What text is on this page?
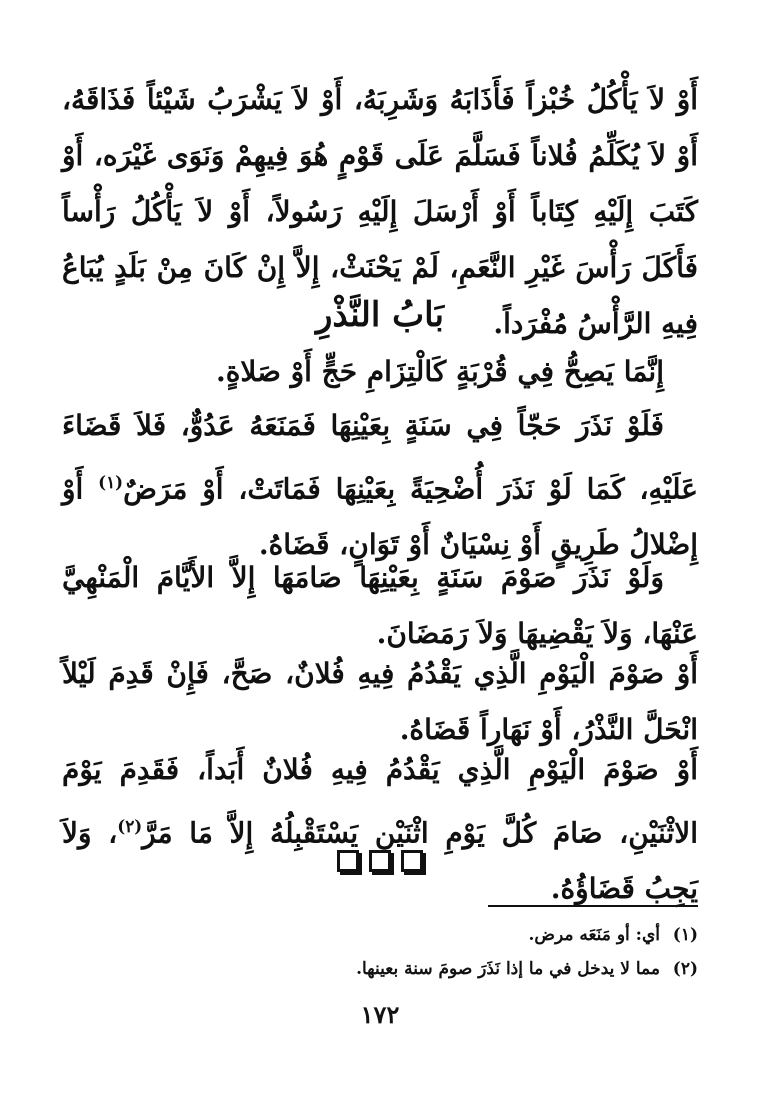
أَوْ لاَ يَأْكُلُ خُبْزاً فَأَذَابَهُ وَشَرِبَهُ، أَوْ لاَ يَشْرَبُ شَيْئاً فَذَاقَهُ، أَوْ لاَ يُكَلِّمُ فُلاناً فَسَلَّمَ عَلَى قَوْمٍ هُوَ فِيهِمْ وَنَوَى غَيْرَه، أَوْ كَتَبَ إِلَيْهِ كِتَاباً أَوْ أَرْسَلَ إِلَيْهِ رَسُولاً، أَوْ لاَ يَأْكُلُ رَأْساً فَأَكَلَ رَأْسَ غَيْرِ النَّعَمِ، لَمْ يَحْنَثْ، إِلاَّ إِنْ كَانَ مِنْ بَلَدٍ يُبَاعُ فِيهِ الرَّأْسُ مُفْرَداً.

بَابُ النَّذْرِ

إِنَّمَا يَصِحُّ فِي قُرْبَةٍ كَالْتِزَامِ حَجٍّ أَوْ صَلاةٍ.

فَلَوْ نَذَرَ حَجّاً فِي سَنَةٍ بِعَيْنِهَا فَمَنَعَهُ عَدُوٌّ، فَلاَ قَضَاءَ عَلَيْهِ، كَمَا لَوْ نَذَرَ أُضْحِيَةً بِعَيْنِهَا فَمَاتَتْ، أَوْ مَرَضٌ$^{(١)}$ أَوْ إِضْلالُ طَرِيقٍ أَوْ نِسْيَانٌ أَوْ تَوَانٍ، قَضَاهُ.

وَلَوْ نَذَرَ صَوْمَ سَنَةٍ بِعَيْنِهَا صَامَهَا إِلاَّ الأَيَّامَ الْمَنْهِيَّ عَنْهَا، وَلاَ يَقْضِيهَا وَلاَ رَمَضَانَ.

أَوْ صَوْمَ الْيَوْمِ الَّذِي يَقْدُمُ فِيهِ فُلانٌ، صَحَّ، فَإِنْ قَدِمَ لَيْلاً انْحَلَّ النَّذْرُ، أَوْ نَهَاراً قَضَاهُ.

أَوْ صَوْمَ الْيَوْمِ الَّذِي يَقْدُمُ فِيهِ فُلانٌ أَبَداً، فَقَدِمَ يَوْمَ الاثْنَيْنِ، صَامَ كُلَّ يَوْمِ اثْنَيْنِ يَسْتَقْبِلُهُ إِلاَّ مَا مَرَّ$^{(٢)}$، وَلاَ يَجِبُ قَضَاؤُهُ.

(١)
أي: أو مَنَعَه مرض.
(٢)
مما لا يدخل في ما إذا نَذَرَ صومَ سنة بعينها.
١٧٢
